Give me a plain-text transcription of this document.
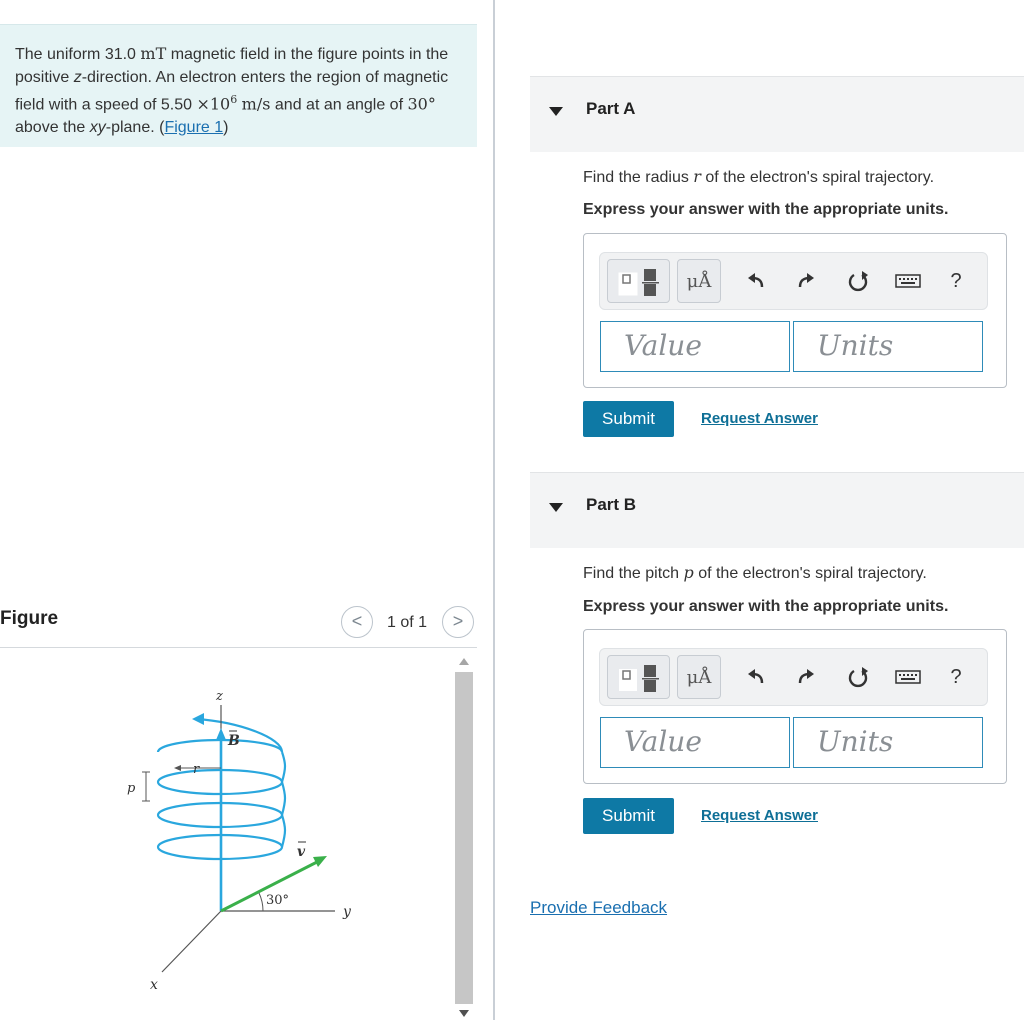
The uniform 31.0 mT magnetic field in the figure points in the positive z-direction. An electron enters the region of magnetic field with a speed of $5.50 \times 10^6$ m/s and at an angle of 30° above the xy-plane. (Figure 1)
Figure	<	1 of 1	>
z
y
x
B
r
p
v
30°
Part A
Find the radius r of the electron's spiral trajectory.
Express your answer with the appropriate units.
μÅ	?
Value	Units
Submit	Request Answer
Part B
Find the pitch p of the electron's spiral trajectory.
Express your answer with the appropriate units.
μÅ	?
Value	Units
Submit	Request Answer
Provide Feedback
